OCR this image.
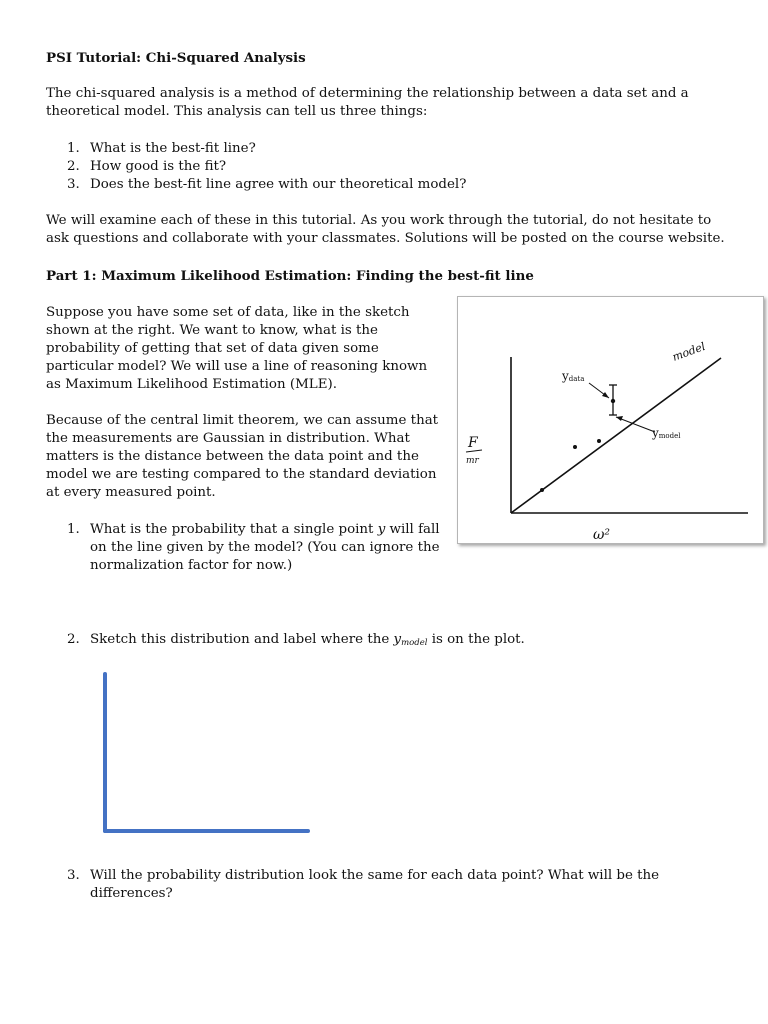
PSI Tutorial: Chi-Squared Analysis
The chi-squared analysis is a method of determining the relationship between a data set and a theoretical model. This analysis can tell us three things:
1. What is the best-fit line?
2. How good is the fit?
3. Does the best-fit line agree with our theoretical model?
We will examine each of these in this tutorial. As you work through the tutorial, do not hesitate to ask questions and collaborate with your classmates. Solutions will be posted on the course website.
Part 1: Maximum Likelihood Estimation: Finding the best-fit line
Suppose you have some set of data, like in the sketch shown at the right. We want to know, what is the probability of getting that set of data given some particular model? We will use a line of reasoning known as Maximum Likelihood Estimation (MLE).
Because of the central limit theorem, we can assume that the measurements are Gaussian in distribution. What matters is the distance between the data point and the model we are testing compared to the standard deviation at every measured point.
1. What is the probability that a single point y will fall on the line given by the model? (You can ignore the normalization factor for now.)
2. Sketch this distribution and label where the $y_{model}$ is on the plot.
3. Will the probability distribution look the same for each data point? What will be the differences?
model
ydata
ymodel
F
mr
ω²
